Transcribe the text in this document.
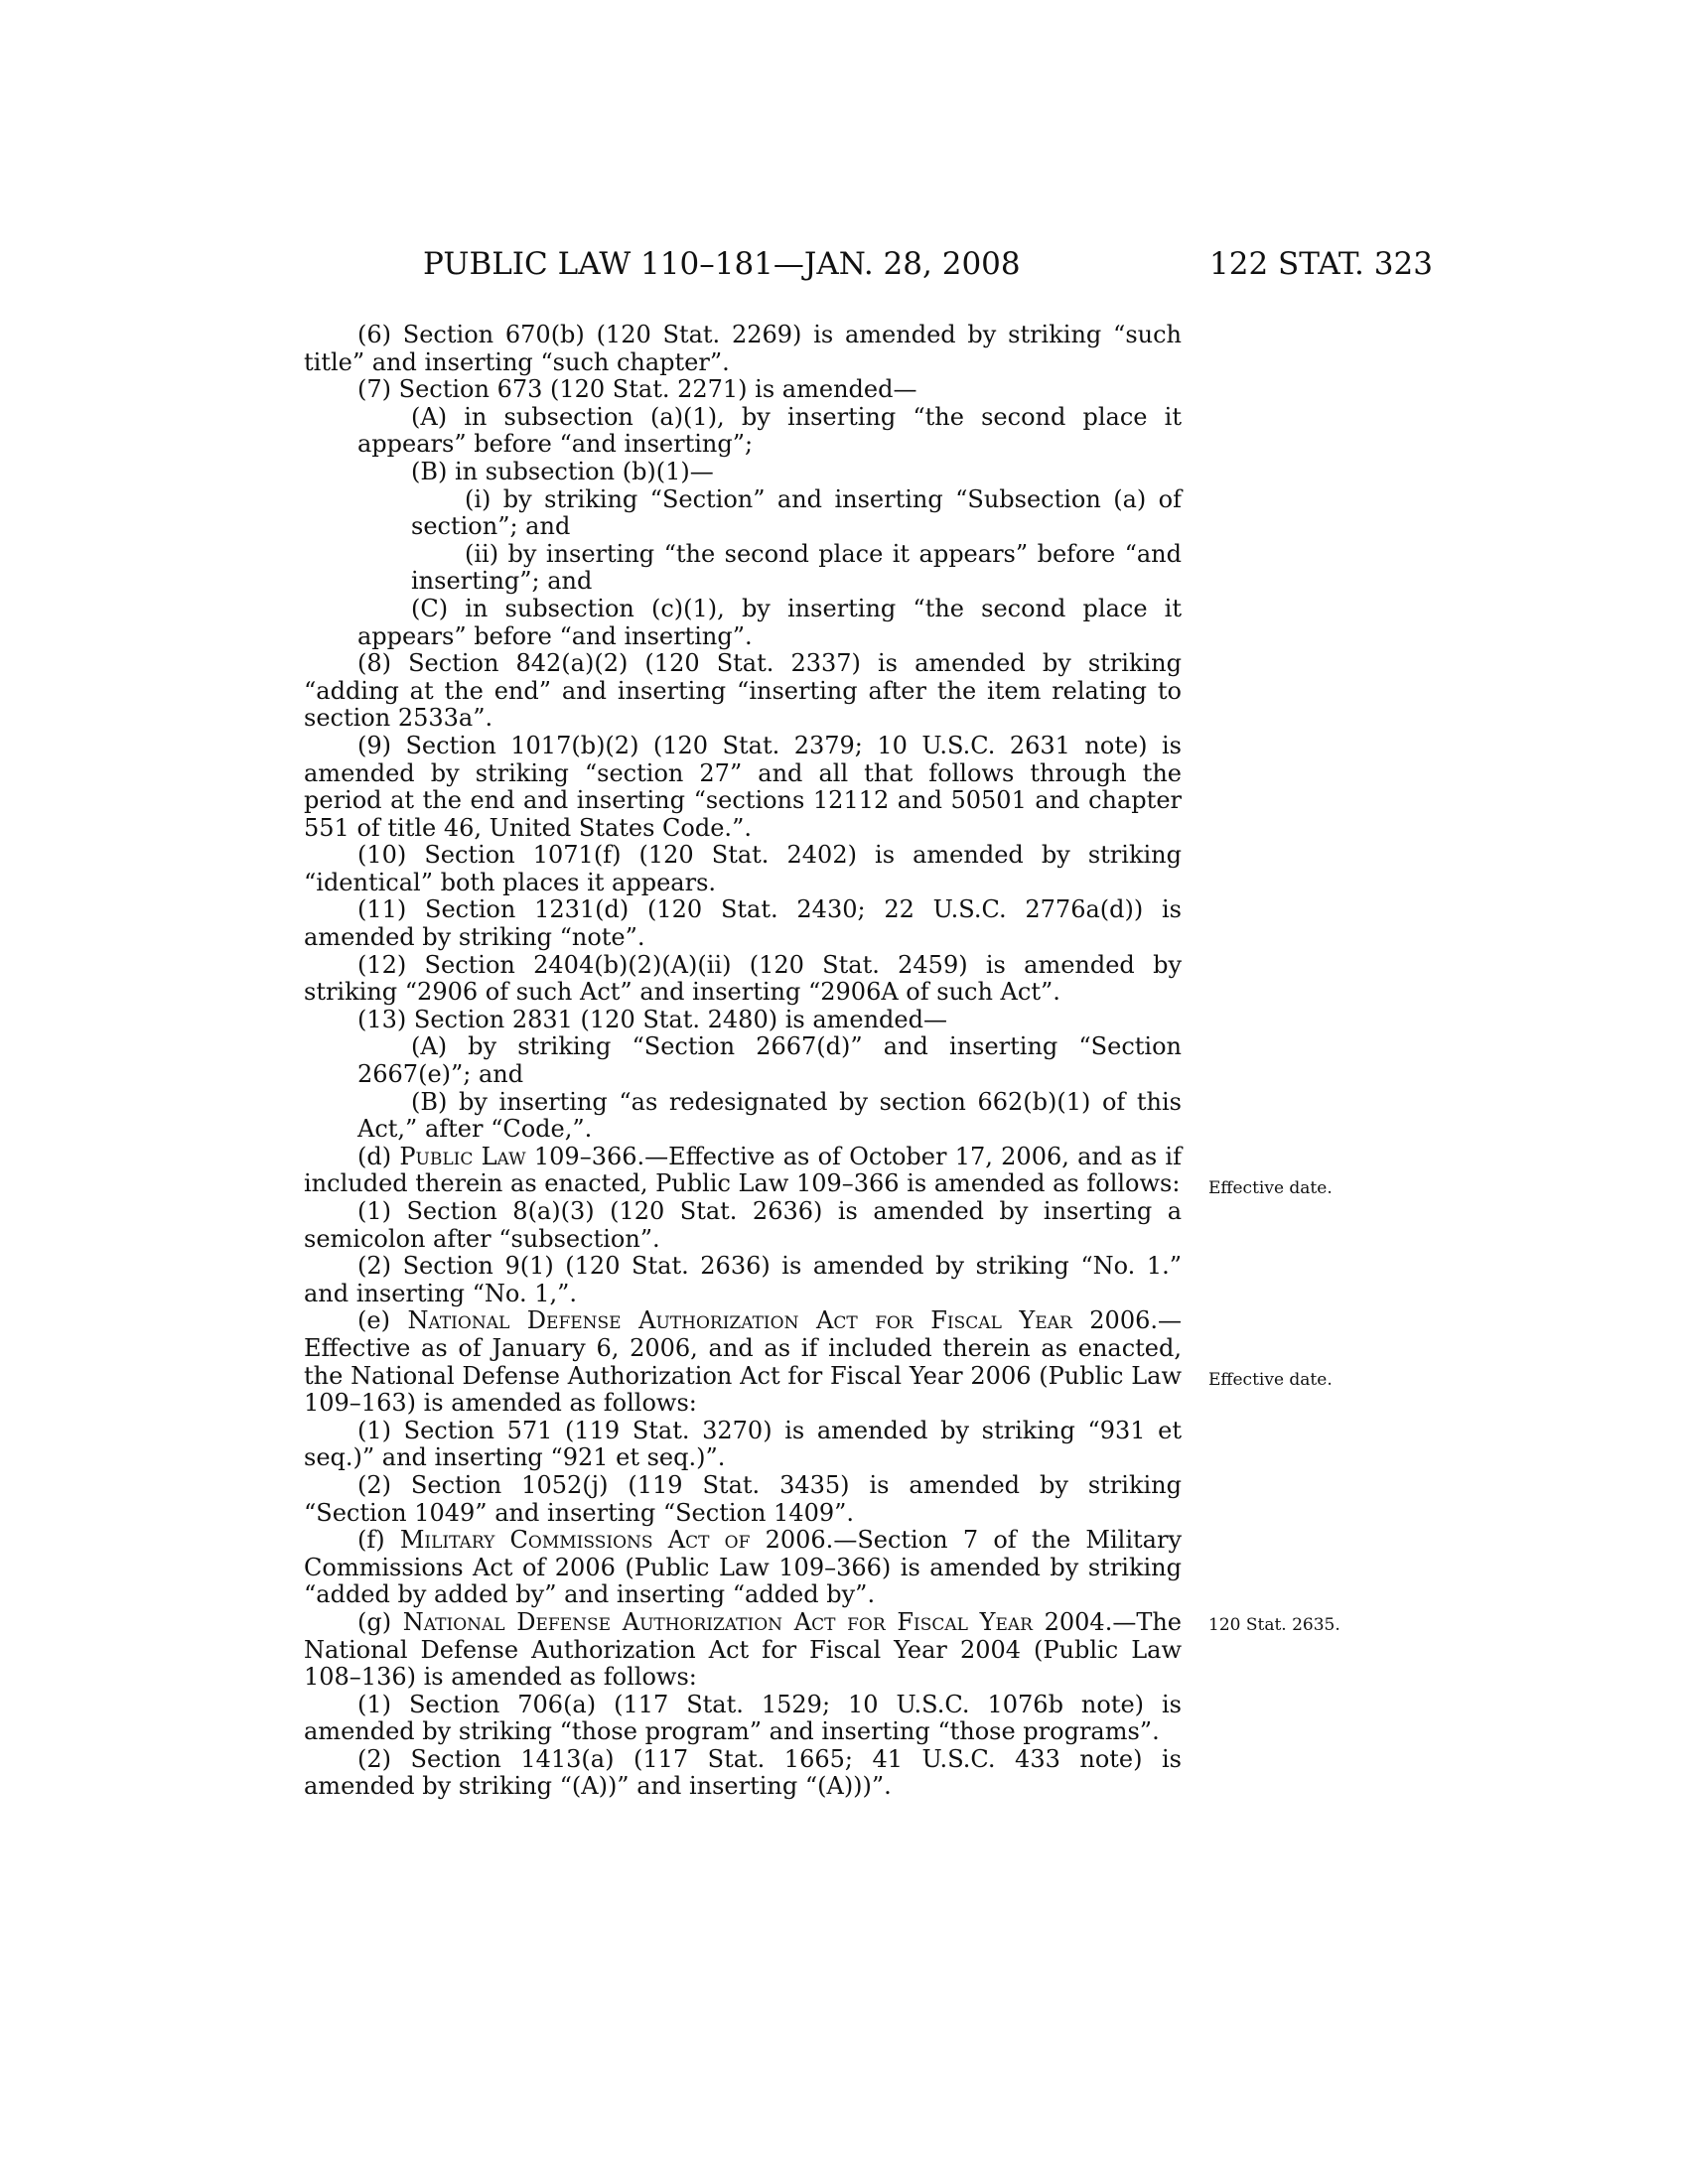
PUBLIC LAW 110–181—JAN. 28, 2008	122 STAT. 323

(6) Section 670(b) (120 Stat. 2269) is amended by striking “such title” and inserting “such chapter”.

(7) Section 673 (120 Stat. 2271) is amended—

(A) in subsection (a)(1), by inserting “the second place it appears” before “and inserting”;

(B) in subsection (b)(1)—

(i) by striking “Section” and inserting “Subsection (a) of section”; and

(ii) by inserting “the second place it appears” before “and inserting”; and

(C) in subsection (c)(1), by inserting “the second place it appears” before “and inserting”.

(8) Section 842(a)(2) (120 Stat. 2337) is amended by striking “adding at the end” and inserting “inserting after the item relating to section 2533a”.

(9) Section 1017(b)(2) (120 Stat. 2379; 10 U.S.C. 2631 note) is amended by striking “section 27” and all that follows through the period at the end and inserting “sections 12112 and 50501 and chapter 551 of title 46, United States Code.”.

(10) Section 1071(f) (120 Stat. 2402) is amended by striking “identical” both places it appears.

(11) Section 1231(d) (120 Stat. 2430; 22 U.S.C. 2776a(d)) is amended by striking “note”.

(12) Section 2404(b)(2)(A)(ii) (120 Stat. 2459) is amended by striking “2906 of such Act” and inserting “2906A of such Act”.

(13) Section 2831 (120 Stat. 2480) is amended—

(A) by striking “Section 2667(d)” and inserting “Section 2667(e)”; and

(B) by inserting “as redesignated by section 662(b)(1) of this Act,” after “Code,”.

(d) Public Law 109–366.—Effective as of October 17, 2006, and as if included therein as enacted, Public Law 109–366 is amended as follows:

(1) Section 8(a)(3) (120 Stat. 2636) is amended by inserting a semicolon after “subsection”.

(2) Section 9(1) (120 Stat. 2636) is amended by striking “No. 1.” and inserting “No. 1,”.

(e) National Defense Authorization Act for Fiscal Year 2006.—Effective as of January 6, 2006, and as if included therein as enacted, the National Defense Authorization Act for Fiscal Year 2006 (Public Law 109–163) is amended as follows:

(1) Section 571 (119 Stat. 3270) is amended by striking “931 et seq.)” and inserting “921 et seq.)”.

(2) Section 1052(j) (119 Stat. 3435) is amended by striking “Section 1049” and inserting “Section 1409”.

(f) Military Commissions Act of 2006.—Section 7 of the Military Commissions Act of 2006 (Public Law 109–366) is amended by striking “added by added by” and inserting “added by”.

(g) National Defense Authorization Act for Fiscal Year 2004.—The National Defense Authorization Act for Fiscal Year 2004 (Public Law 108–136) is amended as follows:

(1) Section 706(a) (117 Stat. 1529; 10 U.S.C. 1076b note) is amended by striking “those program” and inserting “those programs”.

(2) Section 1413(a) (117 Stat. 1665; 41 U.S.C. 433 note) is amended by striking “(A))” and inserting “(A)))”.

Effective date.
Effective date.
120 Stat. 2635.
